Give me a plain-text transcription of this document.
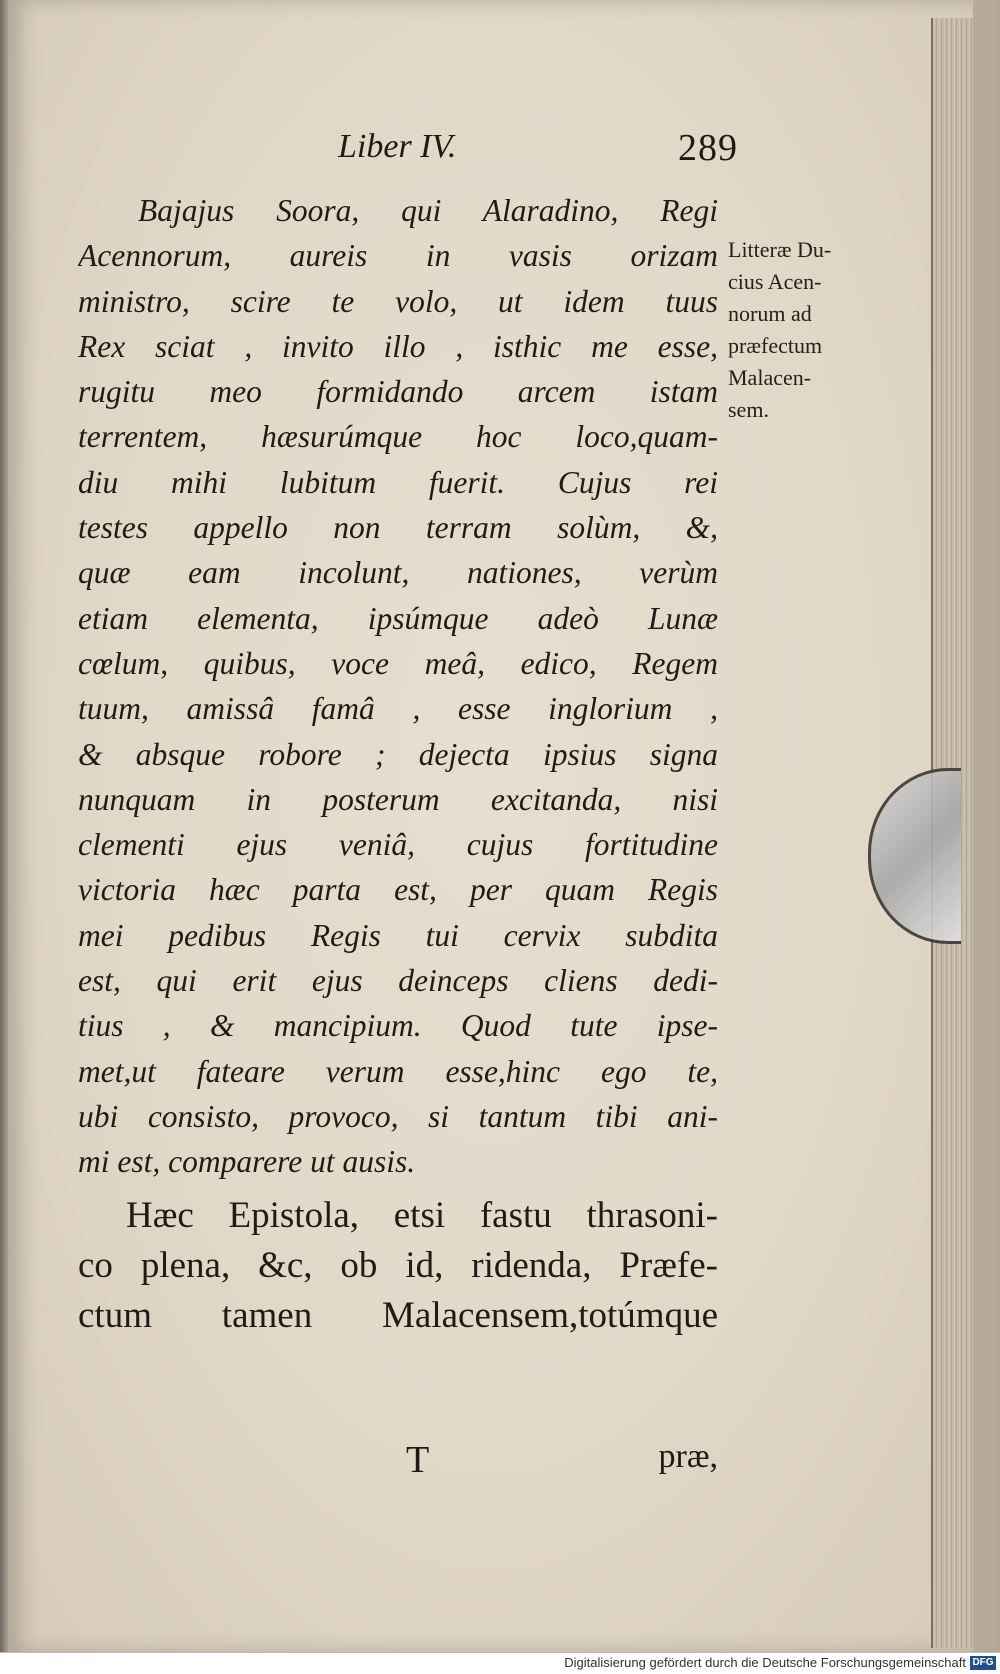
Liber IV.	289
Bajajus Soora, qui Alaradino, Regi
Acennorum, aureis in vasis orizam
ministro, scire te volo, ut idem tuus
Rex sciat , invito illo , isthic me esse,
rugitu meo formidando arcem istam
terrentem, hæsurúmque hoc loco,quam-
diu mihi lubitum fuerit. Cujus rei
testes appello non terram solùm, &,
quæ eam incolunt, nationes, verùm
etiam elementa, ipsúmque adeò Lunæ
cœlum, quibus, voce meâ, edico, Regem
tuum, amissâ famâ , esse inglorium ,
& absque robore ; dejecta ipsius signa
nunquam in posterum excitanda, nisi
clementi ejus veniâ, cujus fortitudine
victoria hæc parta est, per quam Regis
mei pedibus Regis tui cervix subdita
est, qui erit ejus deinceps cliens dedi-
tius , & mancipium. Quod tute ipse-
met,ut fateare verum esse,hinc ego te,
ubi consisto, provoco, si tantum tibi ani-
mi est, comparere ut ausis.
Hæc Epistola, etsi fastu thrasoni-
co plena, &c, ob id, ridenda, Præfe-
ctum tamen Malacensem,totúmque
Litteræ Du-
cius Acen-
norum ad
præfectum
Malacen-
sem.
T	præ,
Digitalisierung gefördert durch die Deutsche Forschungsgemeinschaft DFG
